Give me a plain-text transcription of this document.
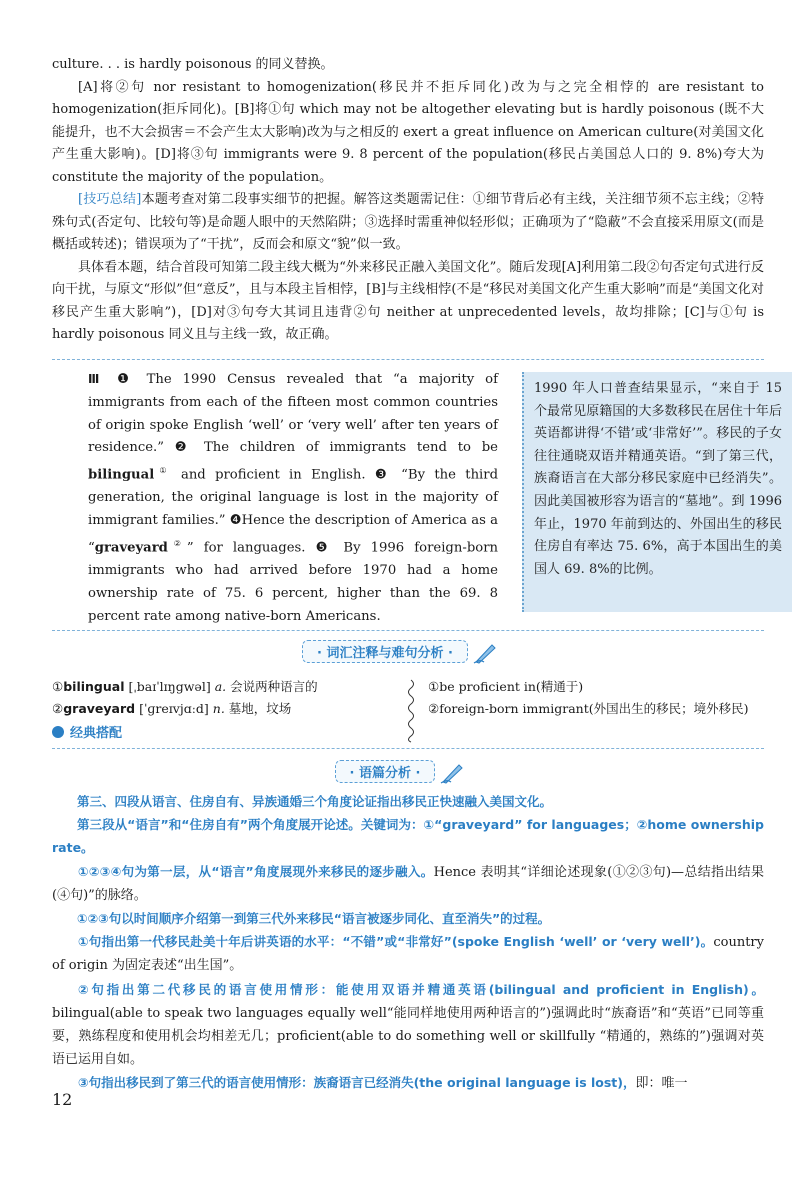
culture. . . is hardly poisonous 的同义替换。

[A]将②句 nor resistant to homogenization(移民并不拒斥同化)改为与之完全相悖的 are resistant to homogenization(拒斥同化)。[B]将①句 which may not be altogether elevating but is hardly poisonous (既不大能提升，也不大会损害＝不会产生太大影响)改为与之相反的 exert a great influence on American culture(对美国文化产生重大影响)。[D]将③句 immigrants were 9. 8 percent of the population(移民占美国总人口的 9. 8%)夸大为 constitute the majority of the population。

[技巧总结]本题考查对第二段事实细节的把握。解答这类题需记住：①细节背后必有主线，关注细节须不忘主线；②特殊句式(否定句、比较句等)是命题人眼中的天然陷阱；③选择时需重神似轻形似；正确项为了“隐蔽”不会直接采用原文(而是概括或转述)；错误项为了“干扰”，反而会和原文“貌”似一致。

具体看本题，结合首段可知第二段主线大概为“外来移民正融入美国文化”。随后发现[A]利用第二段②句否定句式进行反向干扰，与原文“形似”但“意反”，且与本段主旨相悖，[B]与主线相悖(不是“移民对美国文化产生重大影响”而是“美国文化对移民产生重大影响”)，[D]对③句夸大其词且违背②句 neither at unprecedented levels，故均排除；[C]与①句 is hardly poisonous 同义且与主线一致，故正确。

Ⅲ ❶ The 1990 Census revealed that “a majority of immigrants from each of the fifteen most common countries of origin spoke English ‘well’ or ‘very well’ after ten years of residence.” ❷ The children of immigrants tend to be bilingual① and proficient in English. ❸ “By the third generation, the original language is lost in the majority of immigrant families.” ❹Hence the description of America as a “graveyard②” for languages. ❺ By 1996 foreign-born immigrants who had arrived before 1970 had a home ownership rate of 75. 6 percent, higher than the 69. 8 percent rate among native-born Americans.
1990 年人口普查结果显示，“来自于 15 个最常见原籍国的大多数移民在居住十年后英语都讲得‘不错’或‘非常好’”。移民的子女往往通晓双语并精通英语。“到了第三代，族裔语言在大部分移民家庭中已经消失”。因此美国被形容为语言的“墓地”。到 1996 年止，1970 年前到达的、外国出生的移民住房自有率达 75. 6%，高于本国出生的美国人 69. 8%的比例。
· 词汇注释与难句分析 ·
①bilingual [ˌbaɪˈlɪŋgwəl] a. 会说两种语言的
②graveyard [ˈɡreɪvjɑːd] n. 墓地，坟场
①be proficient in(精通于)
②foreign-born immigrant(外国出生的移民；境外移民)
经典搭配
· 语篇分析 ·

第三、四段从语言、住房自有、异族通婚三个角度论证指出移民正快速融入美国文化。

第三段从“语言”和“住房自有”两个角度展开论述。关键词为：①“graveyard” for languages；②home ownership rate。

①②③④句为第一层，从“语言”角度展现外来移民的逐步融入。Hence 表明其“详细论述现象(①②③句)—总结指出结果(④句)”的脉络。

①②③句以时间顺序介绍第一到第三代外来移民“语言被逐步同化、直至消失”的过程。

①句指出第一代移民赴美十年后讲英语的水平：“不错”或“非常好”(spoke English ‘well’ or ‘very well’)。country of origin 为固定表述“出生国”。

②句指出第二代移民的语言使用情形：能使用双语并精通英语(bilingual and proficient in English)。bilingual(able to speak two languages equally well“能同样地使用两种语言的”)强调此时“族裔语”和“英语”已同等重要，熟练程度和使用机会均相差无几；proficient(able to do something well or skillfully “精通的，熟练的”)强调对英语已运用自如。

③句指出移民到了第三代的语言使用情形：族裔语言已经消失(the original language is lost)，即：唯一

12
